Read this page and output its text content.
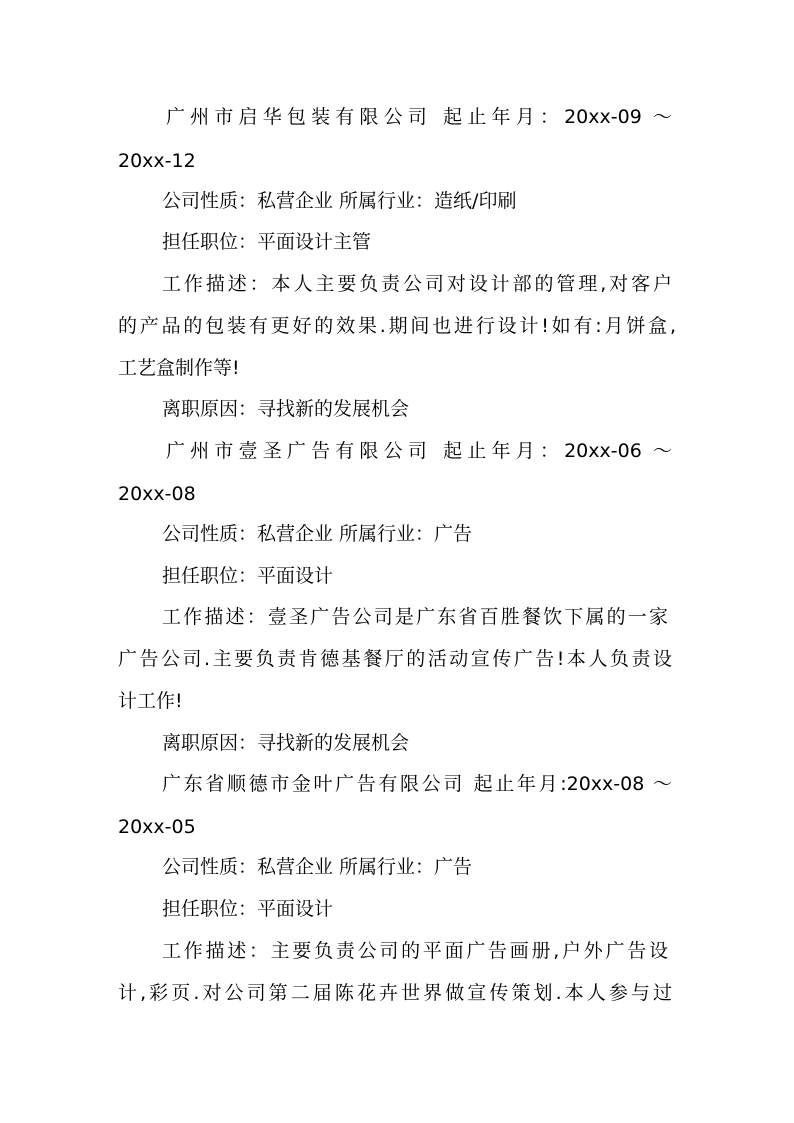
广州市启华包装有限公司 起止年月：20xx-09 ～
20xx-12
公司性质：私营企业 所属行业：造纸/印刷
担任职位：平面设计主管
工作描述：本人主要负责公司对设计部的管理,对客户
的产品的包装有更好的效果.期间也进行设计!如有:月饼盒,
工艺盒制作等!
离职原因：寻找新的发展机会
广州市壹圣广告有限公司 起止年月：20xx-06 ～
20xx-08
公司性质：私营企业 所属行业：广告
担任职位：平面设计
工作描述：壹圣广告公司是广东省百胜餐饮下属的一家
广告公司.主要负责肯德基餐厅的活动宣传广告!本人负责设
计工作!
离职原因：寻找新的发展机会
广东省顺德市金叶广告有限公司 起止年月:20xx-08 ～
20xx-05
公司性质：私营企业 所属行业：广告
担任职位：平面设计
工作描述：主要负责公司的平面广告画册,户外广告设
计,彩页.对公司第二届陈花卉世界做宣传策划.本人参与过
